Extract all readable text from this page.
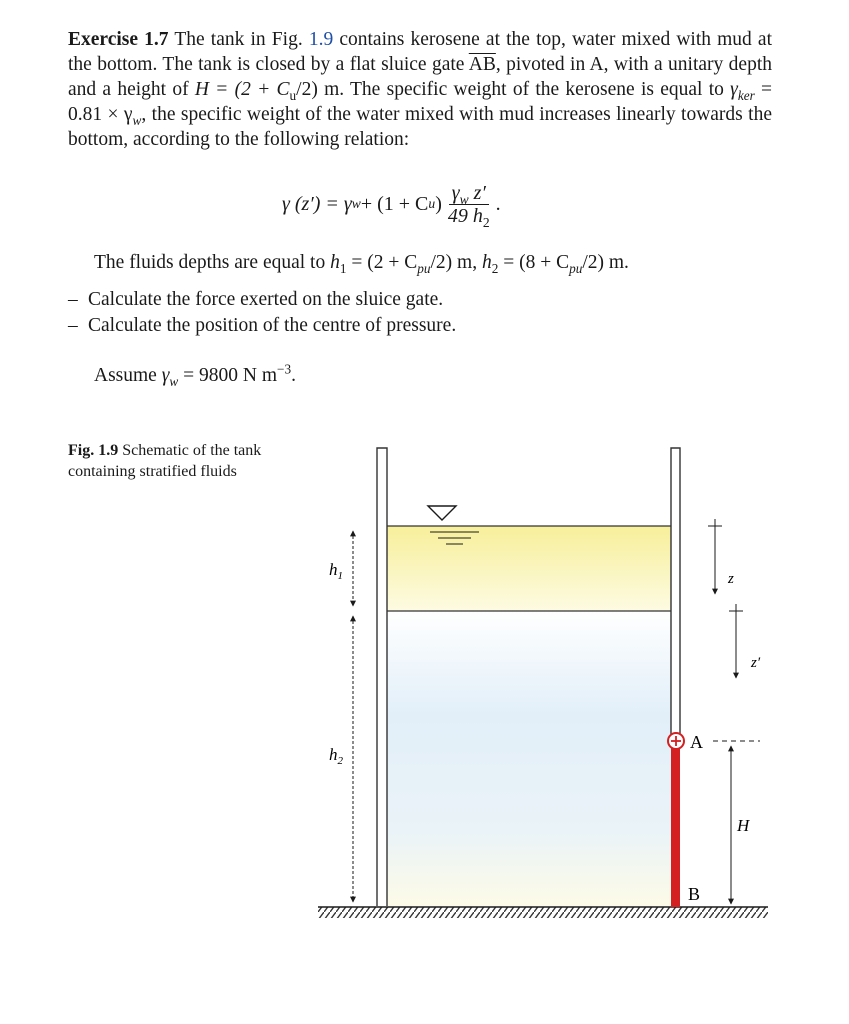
Exercise 1.7 The tank in Fig. 1.9 contains kerosene at the top, water mixed with mud at the bottom. The tank is closed by a flat sluice gate $\overline{AB}$, pivoted in A, with a unitary depth and a height of $H = (2 + C_u/2)$ m. The specific weight of the kerosene is equal to $\gamma_{ker} = 0.81 \times \gamma_w$, the specific weight of the water mixed with mud increases linearly towards the bottom, according to the following relation:
γ (z′) = γ w + (1 + C u ) $\frac{\gamma_w z'}{49 h_2}$ .
The fluids depths are equal to $h_1 = (2 + C_{pu}/2)$ m, $h_2 = (8 + C_{pu}/2)$ m.
– Calculate the force exerted on the sluice gate.
– Calculate the position of the centre of pressure.
Assume $\gamma_w = 9800$ N $m^{-3}$.
Fig. 1.9 Schematic of the tank containing stratified fluids
$h_1$
$h_2$
z
z′
A
B
H
